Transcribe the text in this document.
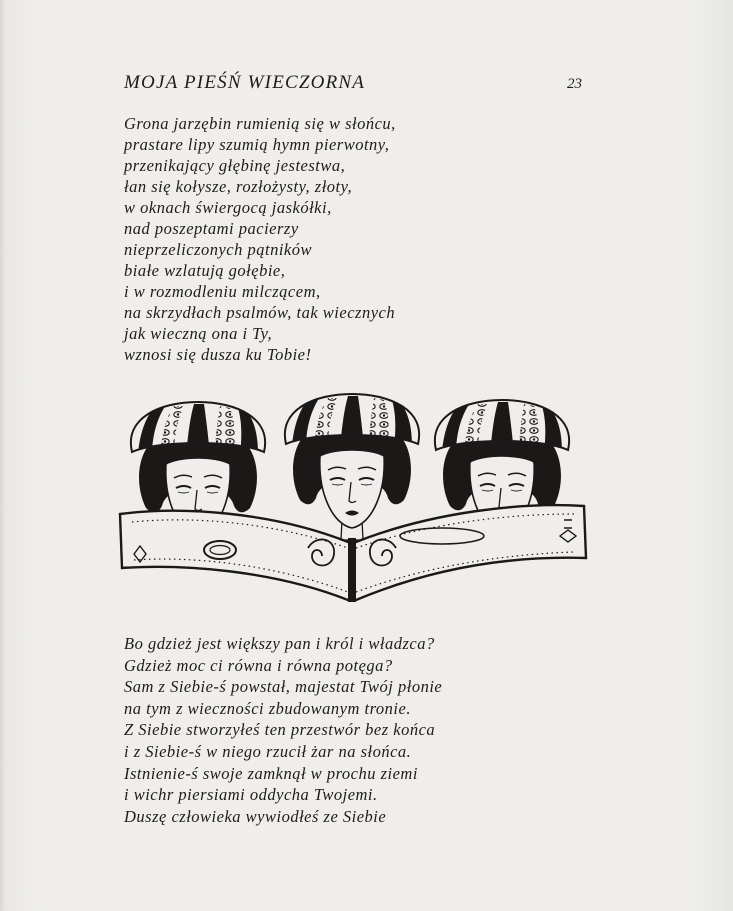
MOJA PIEŚŃ WIECZORNA	23
Grona jarzębin rumienią się w słońcu,
prastare lipy szumią hymn pierwotny,
przenikający głębinę jestestwa,
łan się kołysze, rozłożysty, złoty,
w oknach świergocą jaskółki,
nad poszeptami pacierzy
nieprzeliczonych pątników
białe wzlatują gołębie,
i w rozmodleniu milczącem,
na skrzydłach psalmów, tak wiecznych
jak wieczną ona i Ty,
wznosi się dusza ku Tobie!
Bo gdzież jest większy pan i król i władzca?
Gdzież moc ci równa i równa potęga?
Sam z Siebie-ś powstał, majestat Twój płonie
na tym z wieczności zbudowanym tronie.
Z Siebie stworzyłeś ten przestwór bez końca
i z Siebie-ś w niego rzucił żar na słońca.
Istnienie-ś swoje zamknął w prochu ziemi
i wichr piersiami oddycha Twojemi.
Duszę człowieka wywiodłeś ze Siebie
